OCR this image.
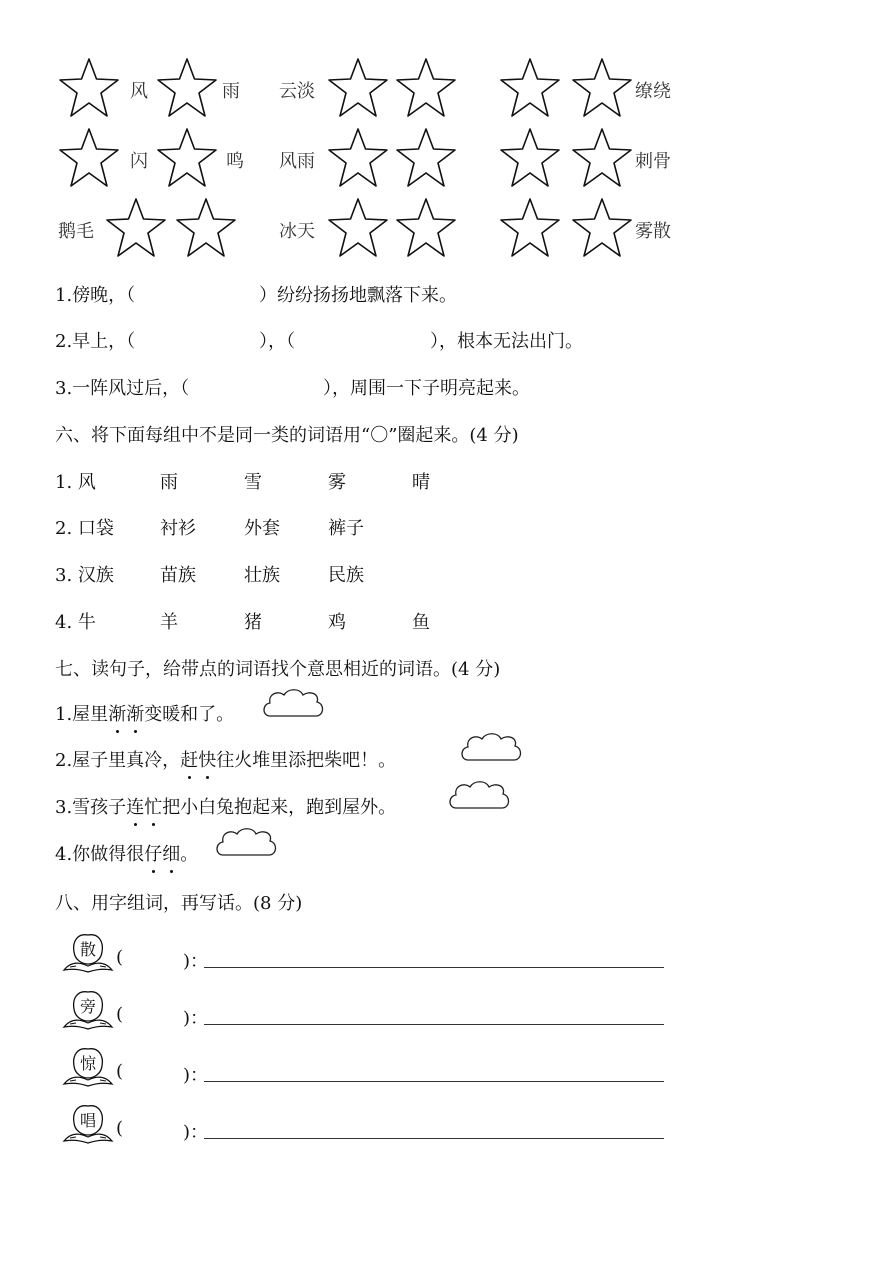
风	雨 云淡	缭绕
闪	鸣 风雨	刺骨
鹅毛	冰天	雾散
1.傍晚，（	）纷纷扬扬地飘落下来。
2.早上，（	），（	），根本无法出门。
3.一阵风过后，（	），周围一下子明亮起来。
六、将下面每组中不是同一类的词语用“〇”圈起来。(4 分)
1. 风	雨	雪	雾	晴
2. 口袋	衬衫	外套	裤子
3. 汉族	苗族	壮族	民族
4. 牛	羊	猪	鸡	鱼
七、读句子，给带点的词语找个意思相近的词语。(4 分)
1.屋里渐渐变暖和了。
2.屋子里真冷，赶快往火堆里添把柴吧！。
3.雪孩子连忙把小白兔抱起来，跑到屋外。
4.你做得很仔细。
八、用字组词，再写话。(8 分)
散	(	)：
旁	(	)：
惊	(	)：
唱	(	)：
